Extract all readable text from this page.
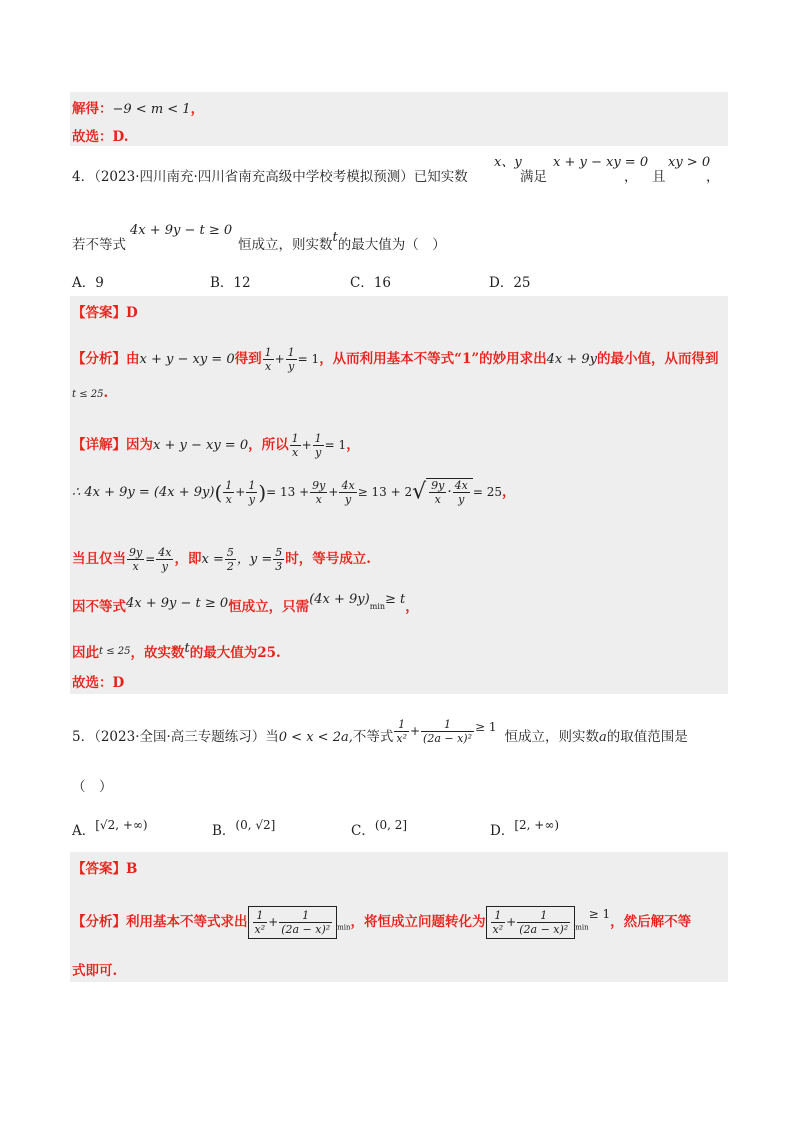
解得：−9 < m < 1，
故选：D.
4．（2023·四川南充·四川省南充高级中学校考模拟预测）已知实数
x、y
满足
x + y − xy = 0
， 且
xy > 0
，
4x + 9y − t ≥ 0
若不等式	恒成立，则实数t的最大值为（　）
A．9	B．12	C．16	D．25
【答案】D
【分析】由x + y − xy = 0得到 $\frac{1}{x} + \frac{1}{y} = 1$，从而利用基本不等式“1”的妙用求出4x + 9y的最小值，从而得到
t ≤ 25.
【详解】因为x + y − xy = 0，所以 $\frac{1}{x} + \frac{1}{y} = 1$，
∴ $4x + 9y = (4x + 9y)( \frac{1}{x} + \frac{1}{y}$ )= $13 + \frac{9y}{x} + \frac{4x}{y} \ge 13 + 2√ \frac{9y}{x} \cdot \frac{4x}{y} = 25$，
当且仅当 $\frac{9y}{x} = \frac{4x}{y}$ ，即$x = \frac{5}{2}$ ，$y = \frac{5}{3}$ 时，等号成立.
因不等式4x + 9y − t ≥ 0恒成立，只需$(4x + 9y)_{min}\ge t$，
因此$^{t \le 25}$，故实数t的最大值为25.
故选：D
5．（2023·全国·高三专题练习）当0 < x < 2a,不等式 $\frac{1}{\text{x²}} + \frac{1}{\text{(2a − x)²}} \ge 1$恒成立，则实数a的取值范围是
（　）
A．[√2, +∞)	B．(0, √2]	C．(0, 2]	D．[2, +∞)
【答案】B
【分析】利用基本不等式求出 $\frac{1}{\text{x²}} + \frac{1}{\text{(2a − x)²}} _{min}$，将恒成立问题转化为 $\frac{1}{\text{x²}} + \frac{1}{\text{(2a − x)²}} _{min}\ge 1$，然后解不等
式即可.
